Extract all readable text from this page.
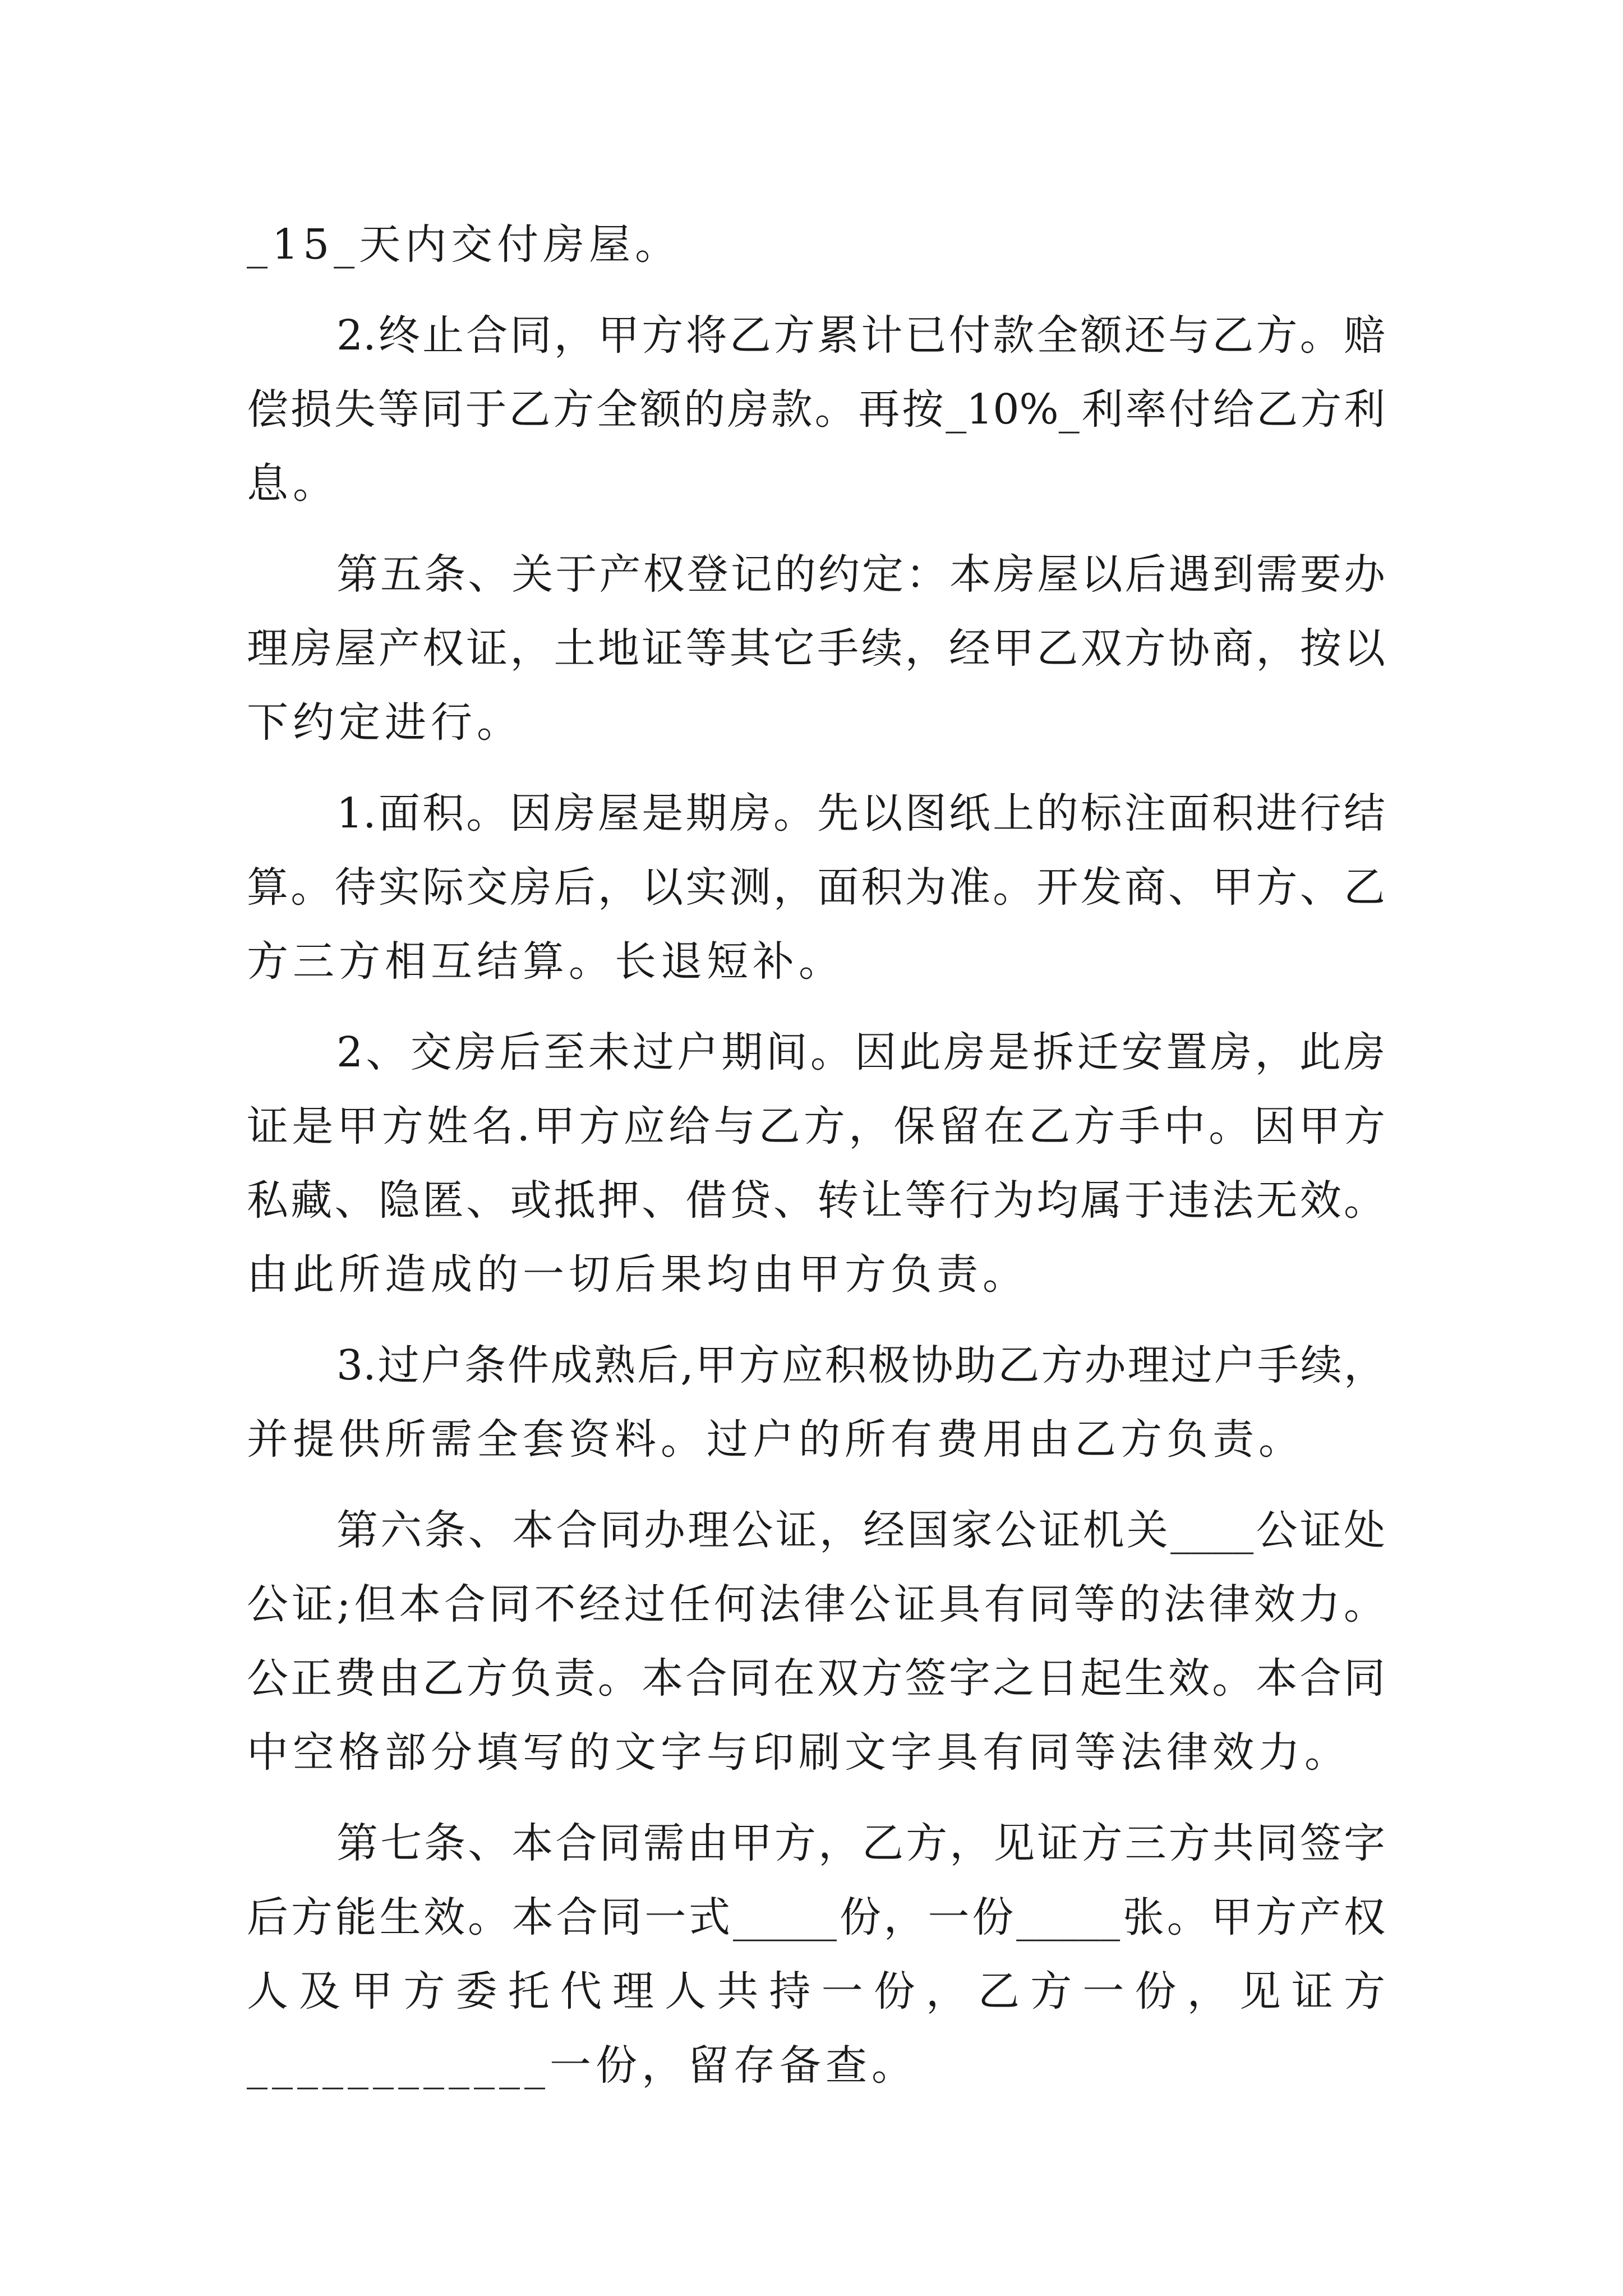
_15_天内交付房屋。
2.终止合同，甲方将乙方累计已付款全额还与乙方。赔
偿损失等同于乙方全额的房款。再按_10%_利率付给乙方利
息。
第五条、关于产权登记的约定：本房屋以后遇到需要办
理房屋产权证，土地证等其它手续，经甲乙双方协商，按以
下约定进行。
1.面积。因房屋是期房。先以图纸上的标注面积进行结
算。待实际交房后，以实测，面积为准。开发商、甲方、乙
方三方相互结算。长退短补。
2、交房后至未过户期间。因此房是拆迁安置房，此房
证是甲方姓名.甲方应给与乙方，保留在乙方手中。因甲方
私藏、隐匿、或抵押、借贷、转让等行为均属于违法无效。
由此所造成的一切后果均由甲方负责。
3.过户条件成熟后,甲方应积极协助乙方办理过户手续，
并提供所需全套资料。过户的所有费用由乙方负责。
第六条、本合同办理公证，经国家公证机关____公证处
公证;但本合同不经过任何法律公证具有同等的法律效力。
公正费由乙方负责。本合同在双方签字之日起生效。本合同
中空格部分填写的文字与印刷文字具有同等法律效力。
第七条、本合同需由甲方，乙方，见证方三方共同签字
后方能生效。本合同一式_____份，一份_____张。甲方产权
人及甲方委托代理人共持一份，乙方一份，见证方
____________一份，留存备查。
